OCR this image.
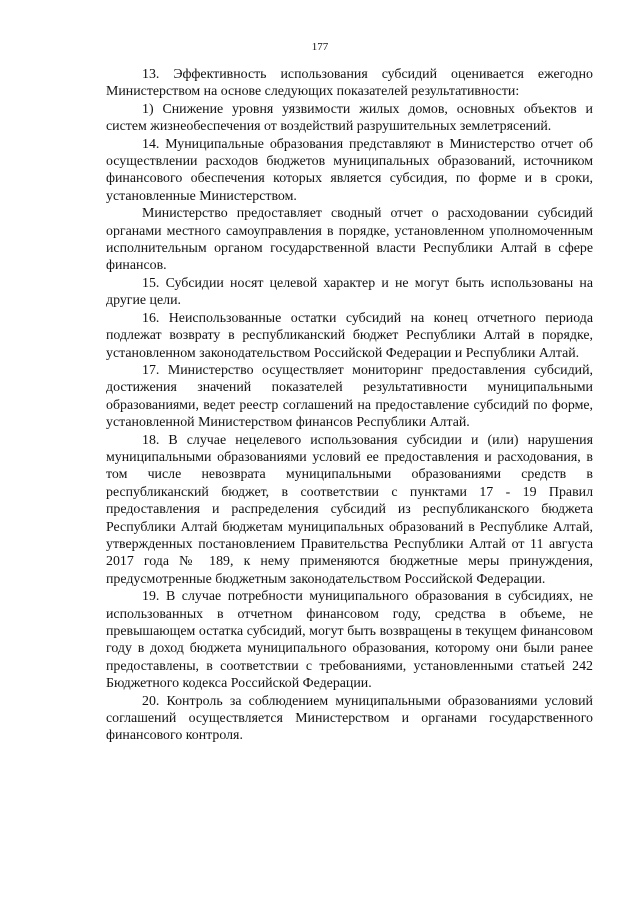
177

13. Эффективность использования субсидий оценивается ежегодно Министерством на основе следующих показателей результативности:

1) Снижение уровня уязвимости жилых домов, основных объектов и систем жизнеобеспечения от воздействий разрушительных землетрясений.

14. Муниципальные образования представляют в Министерство отчет об осуществлении расходов бюджетов муниципальных образований, источником финансового обеспечения которых является субсидия, по форме и в сроки, установленные Министерством.

Министерство предоставляет сводный отчет о расходовании субсидий органами местного самоуправления в порядке, установленном уполномоченным исполнительным органом государственной власти Республики Алтай в сфере финансов.

15. Субсидии носят целевой характер и не могут быть использованы на другие цели.

16. Неиспользованные остатки субсидий на конец отчетного периода подлежат возврату в республиканский бюджет Республики Алтай в порядке, установленном законодательством Российской Федерации и Республики Алтай.

17. Министерство осуществляет мониторинг предоставления субсидий, достижения значений показателей результативности муниципальными образованиями, ведет реестр соглашений на предоставление субсидий по форме, установленной Министерством финансов Республики Алтай.

18. В случае нецелевого использования субсидии и (или) нарушения муниципальными образованиями условий ее предоставления и расходования, в том числе невозврата муниципальными образованиями средств в республиканский бюджет, в соответствии с пунктами 17 - 19 Правил предоставления и распределения субсидий из республиканского бюджета Республики Алтай бюджетам муниципальных образований в Республике Алтай, утвержденных постановлением Правительства Республики Алтай от 11 августа 2017 года № 189, к нему применяются бюджетные меры принуждения, предусмотренные бюджетным законодательством Российской Федерации.

19. В случае потребности муниципального образования в субсидиях, не использованных в отчетном финансовом году, средства в объеме, не превышающем остатка субсидий, могут быть возвращены в текущем финансовом году в доход бюджета муниципального образования, которому они были ранее предоставлены, в соответствии с требованиями, установленными статьей 242 Бюджетного кодекса Российской Федерации.

20. Контроль за соблюдением муниципальными образованиями условий соглашений осуществляется Министерством и органами государственного финансового контроля.
